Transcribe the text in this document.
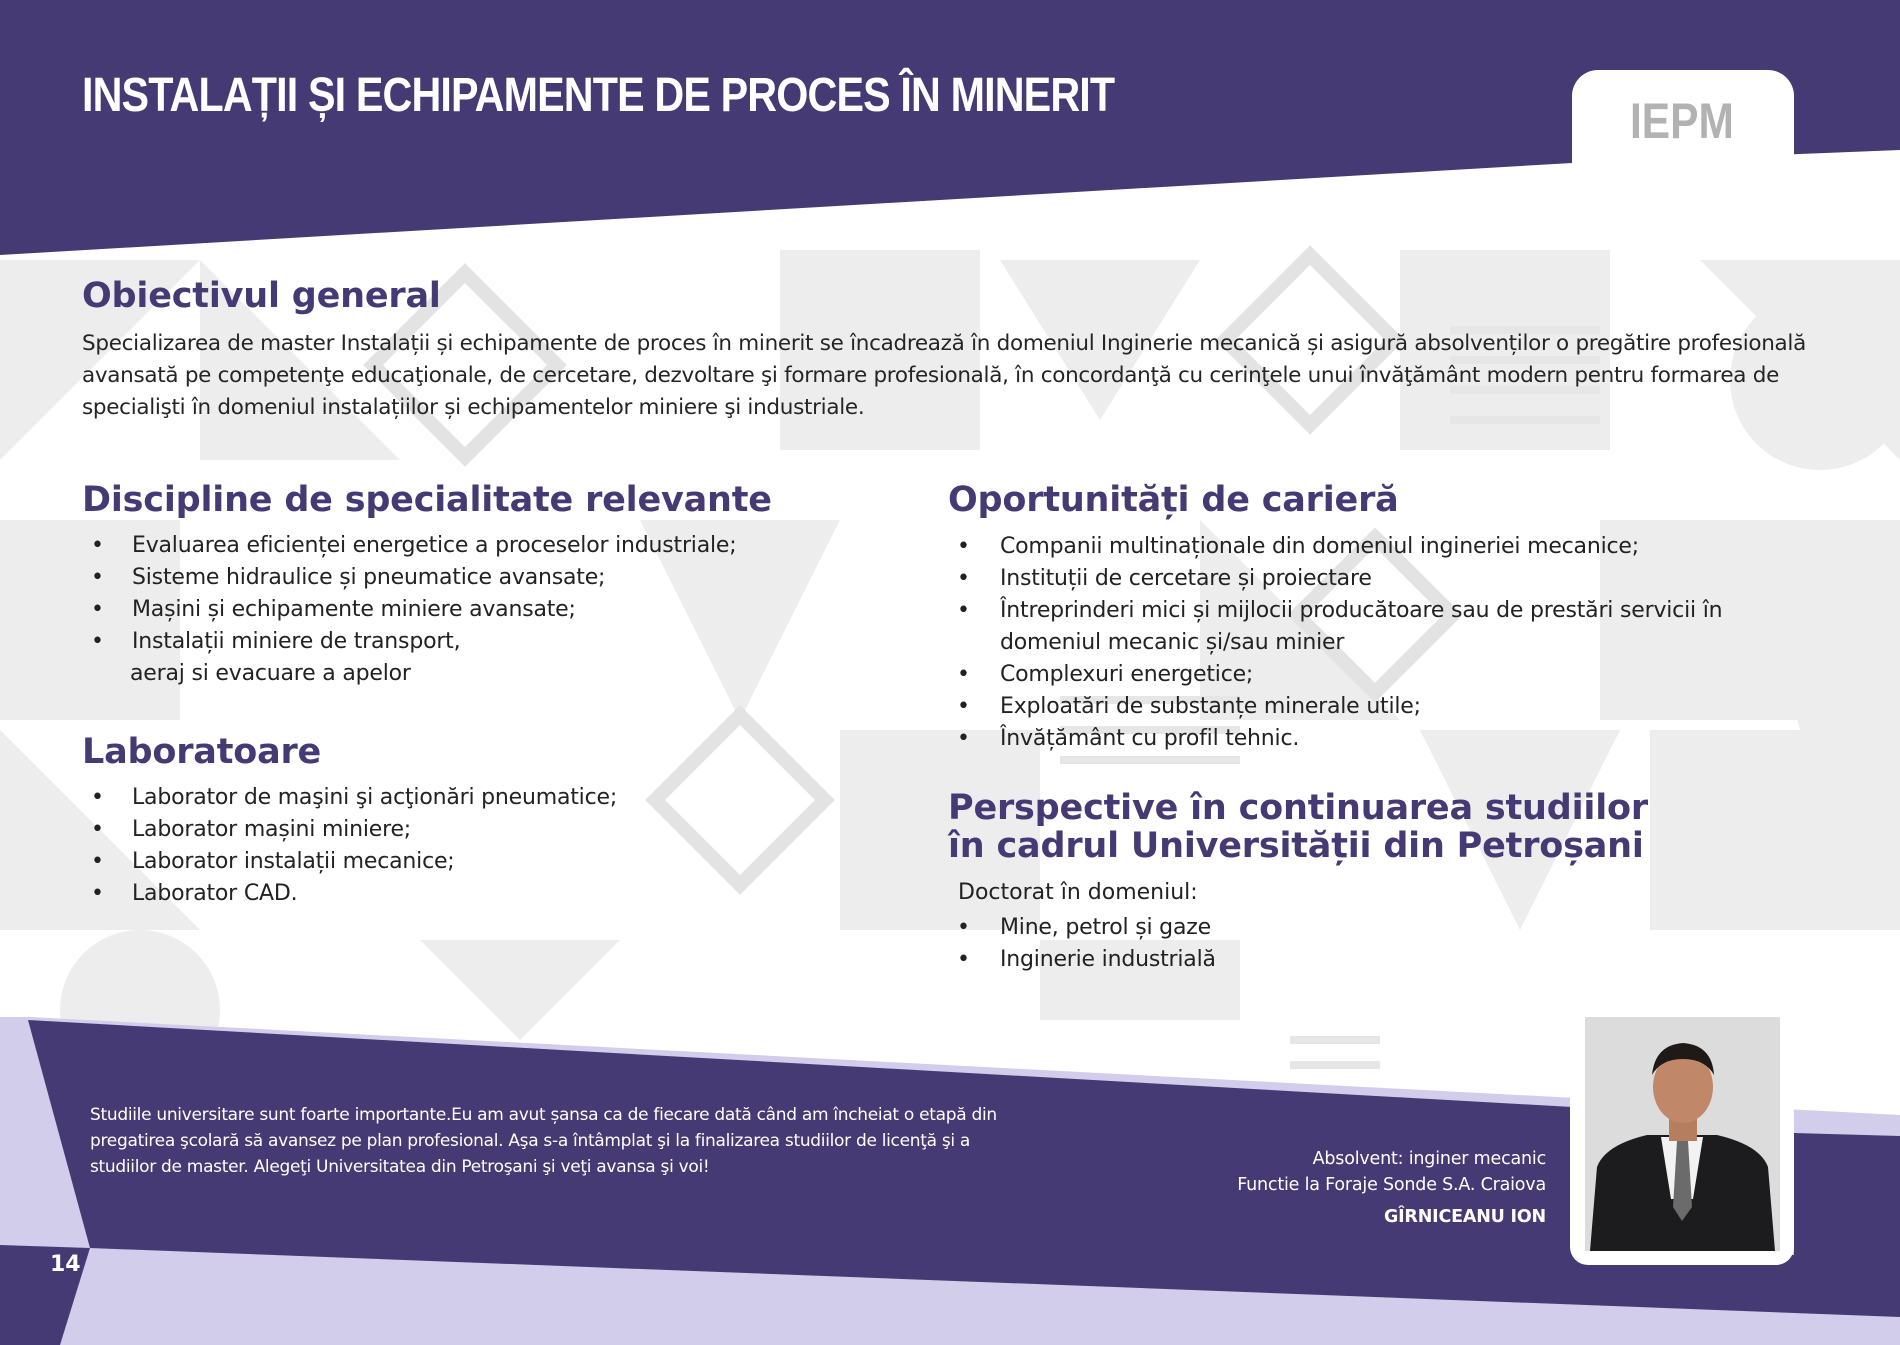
INSTALAȚII ȘI ECHIPAMENTE DE PROCES ÎN MINERIT	IEPM
Obiectivul general

Specializarea de master Instalații și echipamente de proces în minerit se încadrează în domeniul Inginerie mecanică și asigură absolvenților o pregătire profesională avansată pe competenţe educaţionale, de cercetare, dezvoltare şi formare profesională, în concordanţă cu cerinţele unui învăţământ modern pentru formarea de specialişti în domeniul instalațiilor și echipamentelor miniere şi industriale.

Discipline de specialitate relevante
• Evaluarea eficienței energetice a proceselor industriale;
• Sisteme hidraulice și pneumatice avansate;
• Mașini și echipamente miniere avansate;
• Instalații miniere de transport,
aeraj si evacuare a apelor
Laboratoare
• Laborator de maşini şi acţionări pneumatice;
• Laborator mașini miniere;
• Laborator instalații mecanice;
• Laborator CAD.
Oportunități de carieră
• Companii multinaționale din domeniul ingineriei mecanice;
• Instituții de cercetare și proiectare
• Întreprinderi mici și mijlocii producătoare sau de prestări servicii în
domeniul mecanic și/sau minier
• Complexuri energetice;
• Exploatări de substanțe minerale utile;
• Învățământ cu profil tehnic.
Perspective în continuarea studiilor
în cadrul Universității din Petroșani

Doctorat în domeniul:

• Mine, petrol și gaze
• Inginerie industrială

Studiile universitare sunt foarte importante.Eu am avut șansa ca de fiecare dată când am încheiat o etapă din pregatirea şcolară să avansez pe plan profesional. Aşa s-a întâmplat şi la finalizarea studiilor de licenţă şi a studiilor de master. Alegeţi Universitatea din Petroşani şi veţi avansa şi voi!	Absolvent: inginer mecanic
Functie la Foraje Sonde S.A. Craiova
GÎRNICEANU ION
14
